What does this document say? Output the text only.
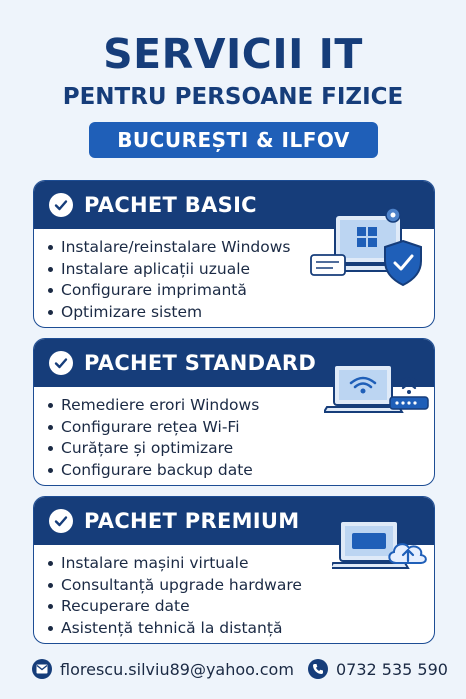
SERVICII IT
PENTRU PERSOANE FIZICE
BUCUREȘTI & ILFOV
PACHET BASIC
Instalare/reinstalare Windows
Instalare aplicații uzuale
Configurare imprimantă
Optimizare sistem
PACHET STANDARD
Remediere erori Windows
Configurare rețea Wi-Fi
Curățare și optimizare
Configurare backup date
PACHET PREMIUM
Instalare mașini virtuale
Consultanță upgrade hardware
Recuperare date
Asistență tehnică la distanță
florescu.silviu89@yahoo.com	0732 535 590
